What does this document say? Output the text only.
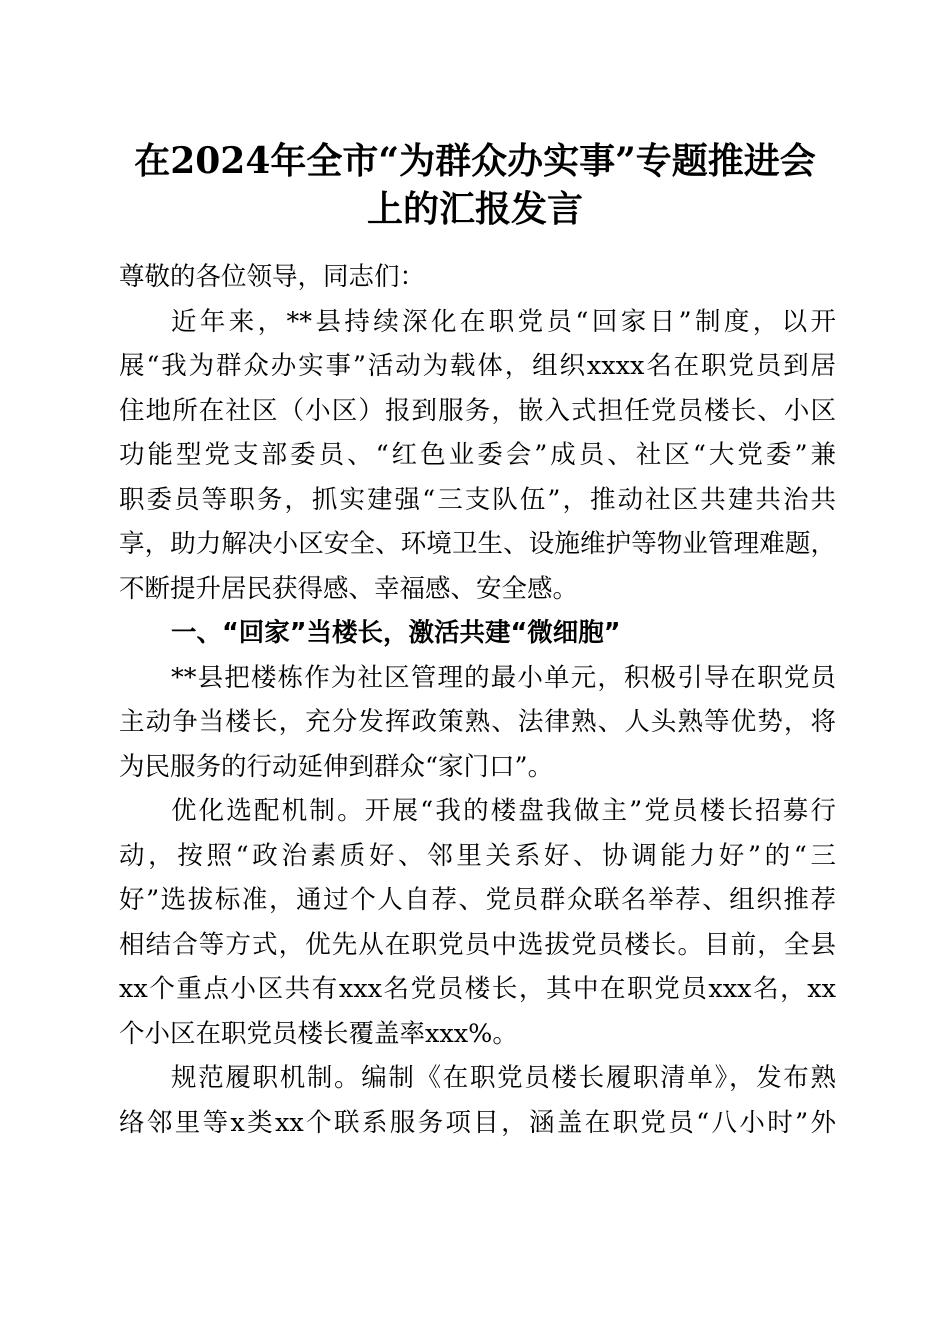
在2024年全市“为群众办实事”专题推进会
上的汇报发言
尊敬的各位领导，同志们：
近年来，**县持续深化在职党员“回家日”制度，以开
展“我为群众办实事”活动为载体，组织xxxx名在职党员到居
住地所在社区（小区）报到服务，嵌入式担任党员楼长、小区
功能型党支部委员、“红色业委会”成员、社区“大党委”兼
职委员等职务，抓实建强“三支队伍”，推动社区共建共治共
享，助力解决小区安全、环境卫生、设施维护等物业管理难题，
不断提升居民获得感、幸福感、安全感。
一、“回家”当楼长，激活共建“微细胞”
**县把楼栋作为社区管理的最小单元，积极引导在职党员
主动争当楼长，充分发挥政策熟、法律熟、人头熟等优势，将
为民服务的行动延伸到群众“家门口”。
优化选配机制。开展“我的楼盘我做主”党员楼长招募行
动，按照“政治素质好、邻里关系好、协调能力好”的“三
好”选拔标准，通过个人自荐、党员群众联名举荐、组织推荐
相结合等方式，优先从在职党员中选拔党员楼长。目前，全县
xx个重点小区共有xxx名党员楼长，其中在职党员xxx名，xx
个小区在职党员楼长覆盖率xxx%。
规范履职机制。编制《在职党员楼长履职清单》，发布熟
络邻里等x类xx个联系服务项目，涵盖在职党员“八小时”外
